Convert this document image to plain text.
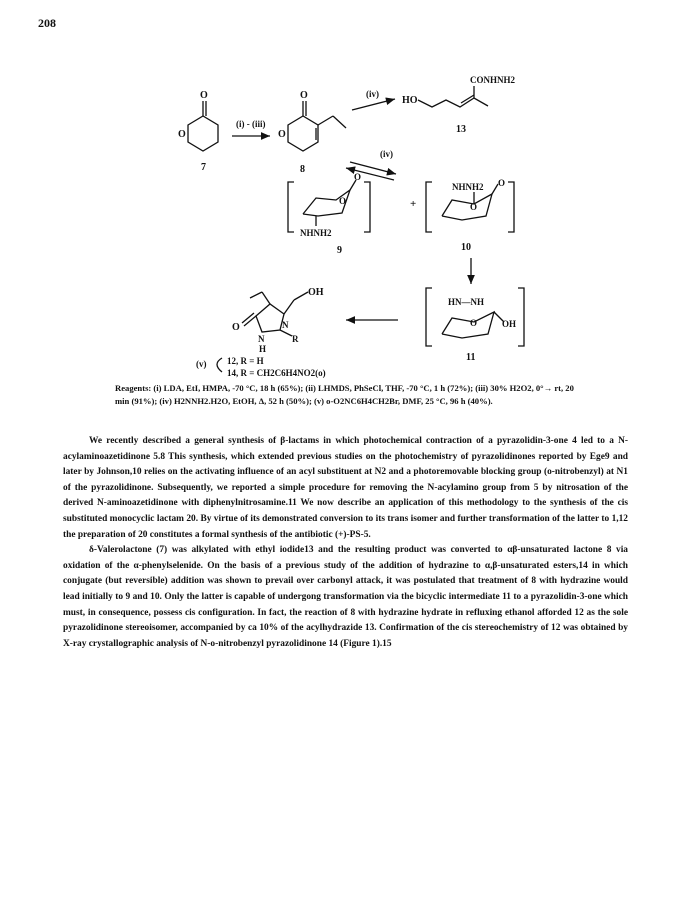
208
O
O
7
(i) - (iii)
O
O
8
(iv)
HO
CONHNH2
13
(iv)
O
O
NHNH2
9
+
NHNH2
O
O
10
HN—NH
O	OH
11
OH
O
N
N
R
H
(v) 12, R = H
14, R = CH2C6H4NO2(o)
Reagents: (i) LDA, EtI, HMPA, -70 °C, 18 h (65%); (ii) LHMDS, PhSeCl, THF, -70 °C, 1 h (72%); (iii) 30% H2O2, 0°→ rt, 20 min (91%); (iv) H2NNH2.H2O, EtOH, Δ, 52 h (50%); (v) o-O2NC6H4CH2Br, DMF, 25 °C, 96 h (40%).

We recently described a general synthesis of β-lactams in which photochemical contraction of a pyrazolidin-3-one 4 led to a N-acylaminoazetidinone 5.8 This synthesis, which extended previous studies on the photochemistry of pyrazolidinones reported by Ege9 and later by Johnson,10 relies on the activating influence of an acyl substituent at N2 and a photoremovable blocking group (o-nitrobenzyl) at N1 of the pyrazolidinone. Subsequently, we reported a simple procedure for removing the N-acylamino group from 5 by nitrosation of the derived N-aminoazetidinone with diphenylnitrosamine.11 We now describe an application of this methodology to the synthesis of the cis substituted monocyclic lactam 20. By virtue of its demonstrated conversion to its trans isomer and further transformation of the latter to 1,12 the preparation of 20 constitutes a formal synthesis of the antibiotic (+)-PS-5.

δ-Valerolactone (7) was alkylated with ethyl iodide13 and the resulting product was converted to αβ-unsaturated lactone 8 via oxidation of the α-phenylselenide. On the basis of a previous study of the addition of hydrazine to α,β-unsaturated esters,14 in which conjugate (but reversible) addition was shown to prevail over carbonyl attack, it was postulated that treatment of 8 with hydrazine would lead initially to 9 and 10. Only the latter is capable of undergong transformation via the bicyclic intermediate 11 to a pyrazolidin-3-one which must, in consequence, possess cis configuration. In fact, the reaction of 8 with hydrazine hydrate in refluxing ethanol afforded 12 as the sole pyrazolidinone stereoisomer, accompanied by ca 10% of the acylhydrazide 13. Confirmation of the cis stereochemistry of 12 was obtained by X-ray crystallographic analysis of N-o-nitrobenzyl pyrazolidinone 14 (Figure 1).15
